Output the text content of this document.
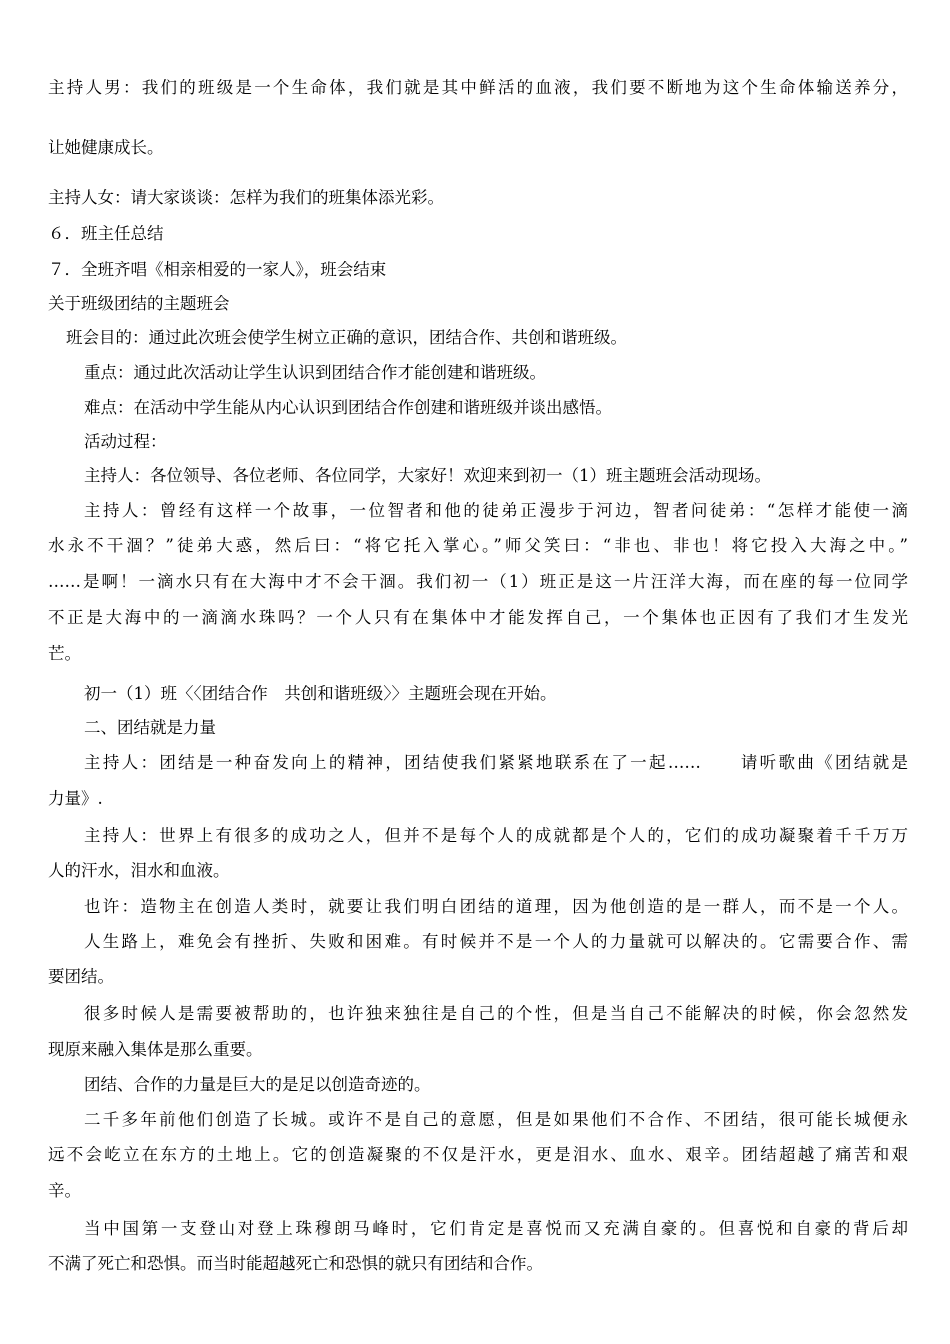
主持人男：我们的班级是一个生命体，我们就是其中鲜活的血液，我们要不断地为这个生命体输送养分，
让她健康成长。
主持人女：请大家谈谈：怎样为我们的班集体添光彩。
６．班主任总结
７．全班齐唱《相亲相爱的一家人》，班会结束
关于班级团结的主题班会
班会目的：通过此次班会使学生树立正确的意识，团结合作、共创和谐班级。
重点：通过此次活动让学生认识到团结合作才能创建和谐班级。
难点：在活动中学生能从内心认识到团结合作创建和谐班级并谈出感悟。
活动过程：
主持人：各位领导、各位老师、各位同学，大家好！欢迎来到初一（1）班主题班会活动现场。
主持人：曾经有这样一个故事，一位智者和他的徒弟正漫步于河边，智者问徒弟：“怎样才能使一滴
水永不干涸？”徒弟大惑，然后曰：“将它托入掌心。”师父笑曰：“非也、非也！将它投入大海之中。”
……是啊！一滴水只有在大海中才不会干涸。我们初一（1）班正是这一片汪洋大海，而在座的每一位同学
不正是大海中的一滴滴水珠吗？一个人只有在集体中才能发挥自己，一个集体也正因有了我们才生发光
芒。
初一（1）班〈〈团结合作　共创和谐班级〉〉主题班会现在开始。
二、团结就是力量
主持人：团结是一种奋发向上的精神，团结使我们紧紧地联系在了一起……　　请听歌曲《团结就是
力量》.
主持人：世界上有很多的成功之人，但并不是每个人的成就都是个人的，它们的成功凝聚着千千万万
人的汗水，泪水和血液。
也许：造物主在创造人类时，就要让我们明白团结的道理，因为他创造的是一群人，而不是一个人。
人生路上，难免会有挫折、失败和困难。有时候并不是一个人的力量就可以解决的。它需要合作、需
要团结。
很多时候人是需要被帮助的，也许独来独往是自己的个性，但是当自己不能解决的时候，你会忽然发
现原来融入集体是那么重要。
团结、合作的力量是巨大的是足以创造奇迹的。
二千多年前他们创造了长城。或许不是自己的意愿，但是如果他们不合作、不团结，很可能长城便永
远不会屹立在东方的土地上。它的创造凝聚的不仅是汗水，更是泪水、血水、艰辛。团结超越了痛苦和艰
辛。
当中国第一支登山对登上珠穆朗马峰时，它们肯定是喜悦而又充满自豪的。但喜悦和自豪的背后却
不满了死亡和恐惧。而当时能超越死亡和恐惧的就只有团结和合作。
